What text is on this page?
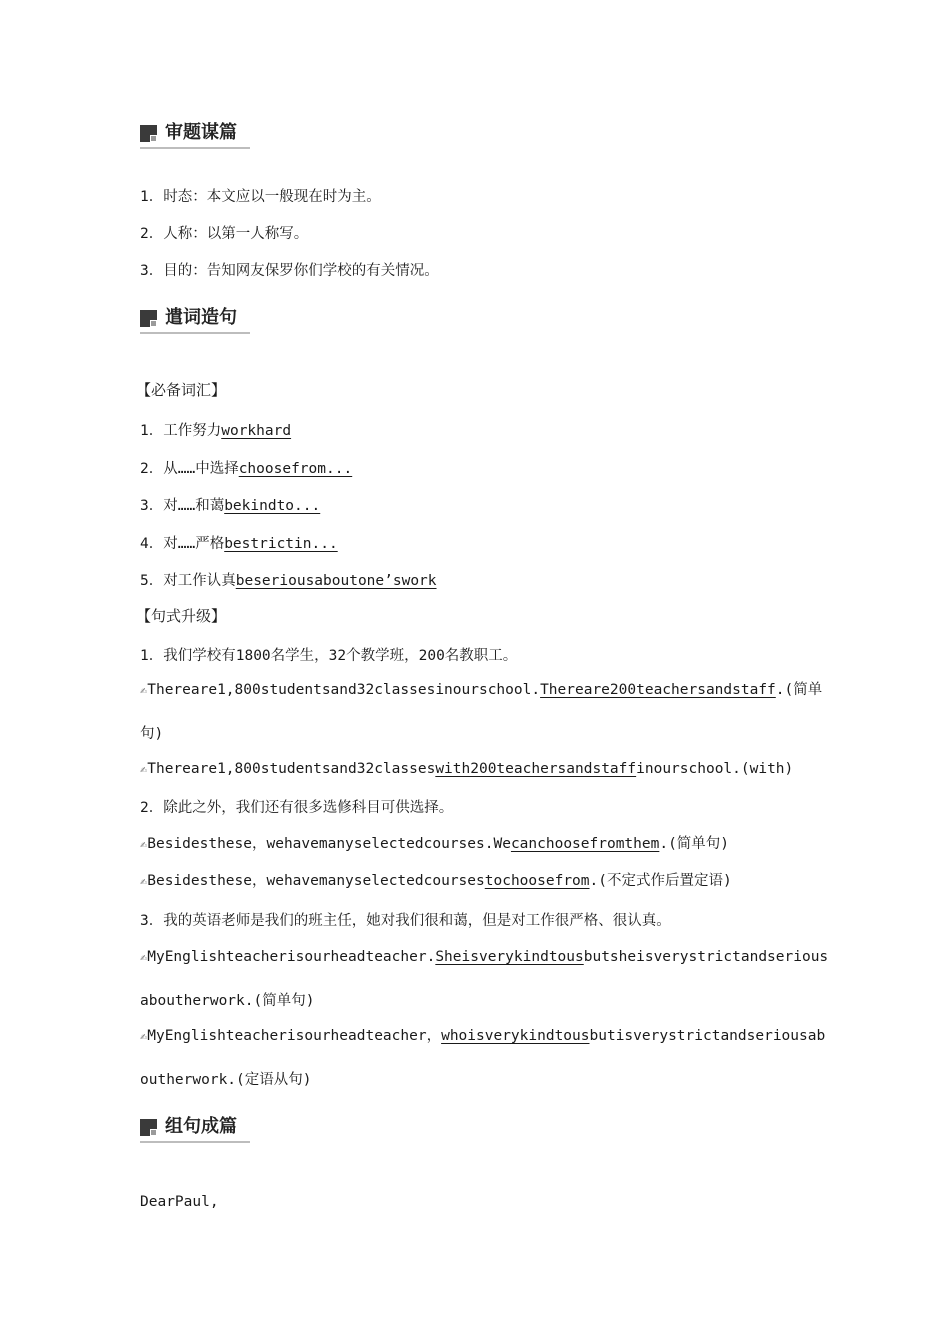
审题谋篇
1．时态：本文应以一般现在时为主。
2．人称：以第一人称写。
3．目的：告知网友保罗你们学校的有关情况。
遣词造句
【必备词汇】
1．工作努力workhard
2．从……中选择choosefrom...
3．对……和蔼bekindto...
4．对……严格bestrictin...
5．对工作认真beseriousaboutone’swork
【句式升级】
1．我们学校有1800名学生，32个教学班，200名教职工。
✍Thereare1,800studentsand32classesinourschool.Thereare200teachersandstaff.(简单
句)
✍Thereare1,800studentsand32classeswith200teachersandstaffinourschool.(with)
2．除此之外，我们还有很多选修科目可供选择。
✍Besidesthese，wehavemanyselectedcourses.Wecanchoosefromthem.(简单句)
✍Besidesthese，wehavemanyselectedcoursestochoosefrom.(不定式作后置定语)
3．我的英语老师是我们的班主任，她对我们很和蔼，但是对工作很严格、很认真。
✍MyEnglishteacherisourheadteacher.Sheisverykindtousbutsheisverystrictandserious
aboutherwork.(简单句)
✍MyEnglishteacherisourheadteacher，whoisverykindtousbutisverystrictandseriousab
outherwork.(定语从句)
组句成篇
DearPaul,
